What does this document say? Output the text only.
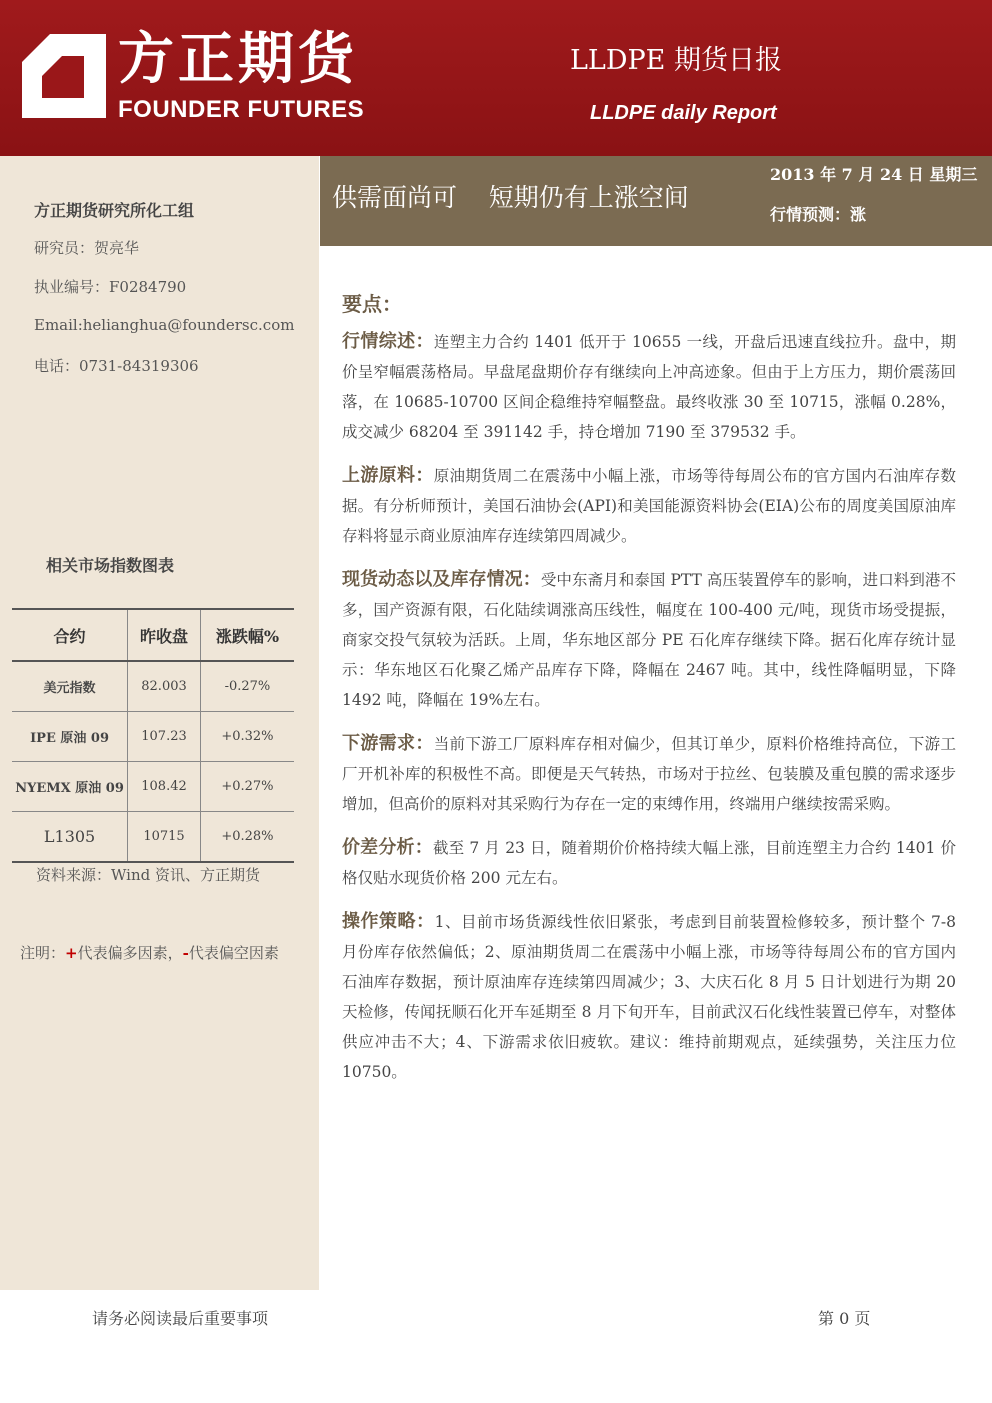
方正期货
FOUNDER FUTURES
LLDPE 期货日报
LLDPE daily Report
方正期货研究所化工组
研究员：贺亮华
执业编号：F0284790
Email:helianghua@foundersc.com
电话：0731-84319306
相关市场指数图表
合约	昨收盘	涨跌幅%
美元指数	82.003	-0.27%
IPE 原油 09	107.23	+0.32%
NYEMX 原油 09	108.42	+0.27%
L1305	10715	+0.28%
资料来源：Wind 资讯、方正期货
注明：+代表偏多因素，-代表偏空因素
供需面尚可    短期仍有上涨空间
2013 年 7 月 24 日 星期三
行情预测：涨
要点：

行情综述：连塑主力合约 1401 低开于 10655 一线，开盘后迅速直线拉升。盘中，期价呈窄幅震荡格局。早盘尾盘期价存有继续向上冲高迹象。但由于上方压力，期价震荡回落，在 10685-10700 区间企稳维持窄幅整盘。最终收涨 30 至 10715，涨幅 0.28%，成交减少 68204 至 391142 手，持仓增加 7190 至 379532 手。

上游原料：原油期货周二在震荡中小幅上涨，市场等待每周公布的官方国内石油库存数据。有分析师预计，美国石油协会(API)和美国能源资料协会(EIA)公布的周度美国原油库存料将显示商业原油库存连续第四周减少。

现货动态以及库存情况：受中东斋月和泰国 PTT 高压装置停车的影响，进口料到港不多，国产资源有限，石化陆续调涨高压线性，幅度在 100-400 元/吨，现货市场受提振，商家交投气氛较为活跃。上周，华东地区部分 PE 石化库存继续下降。据石化库存统计显示：华东地区石化聚乙烯产品库存下降，降幅在 2467 吨。其中，线性降幅明显，下降 1492 吨，降幅在 19%左右。

下游需求：当前下游工厂原料库存相对偏少，但其订单少，原料价格维持高位，下游工厂开机补库的积极性不高。即便是天气转热，市场对于拉丝、包装膜及重包膜的需求逐步增加，但高价的原料对其采购行为存在一定的束缚作用，终端用户继续按需采购。

价差分析：截至 7 月 23 日，随着期价价格持续大幅上涨，目前连塑主力合约 1401 价格仅贴水现货价格 200 元左右。

操作策略：1、目前市场货源线性依旧紧张，考虑到目前装置检修较多，预计整个 7-8 月份库存依然偏低；2、原油期货周二在震荡中小幅上涨，市场等待每周公布的官方国内石油库存数据，预计原油库存连续第四周减少；3、大庆石化 8 月 5 日计划进行为期 20 天检修，传闻抚顺石化开车延期至 8 月下旬开车，目前武汉石化线性装置已停车，对整体供应冲击不大；4、下游需求依旧疲软。建议：维持前期观点，延续强势，关注压力位 10750。

请务必阅读最后重要事项	第 0 页
